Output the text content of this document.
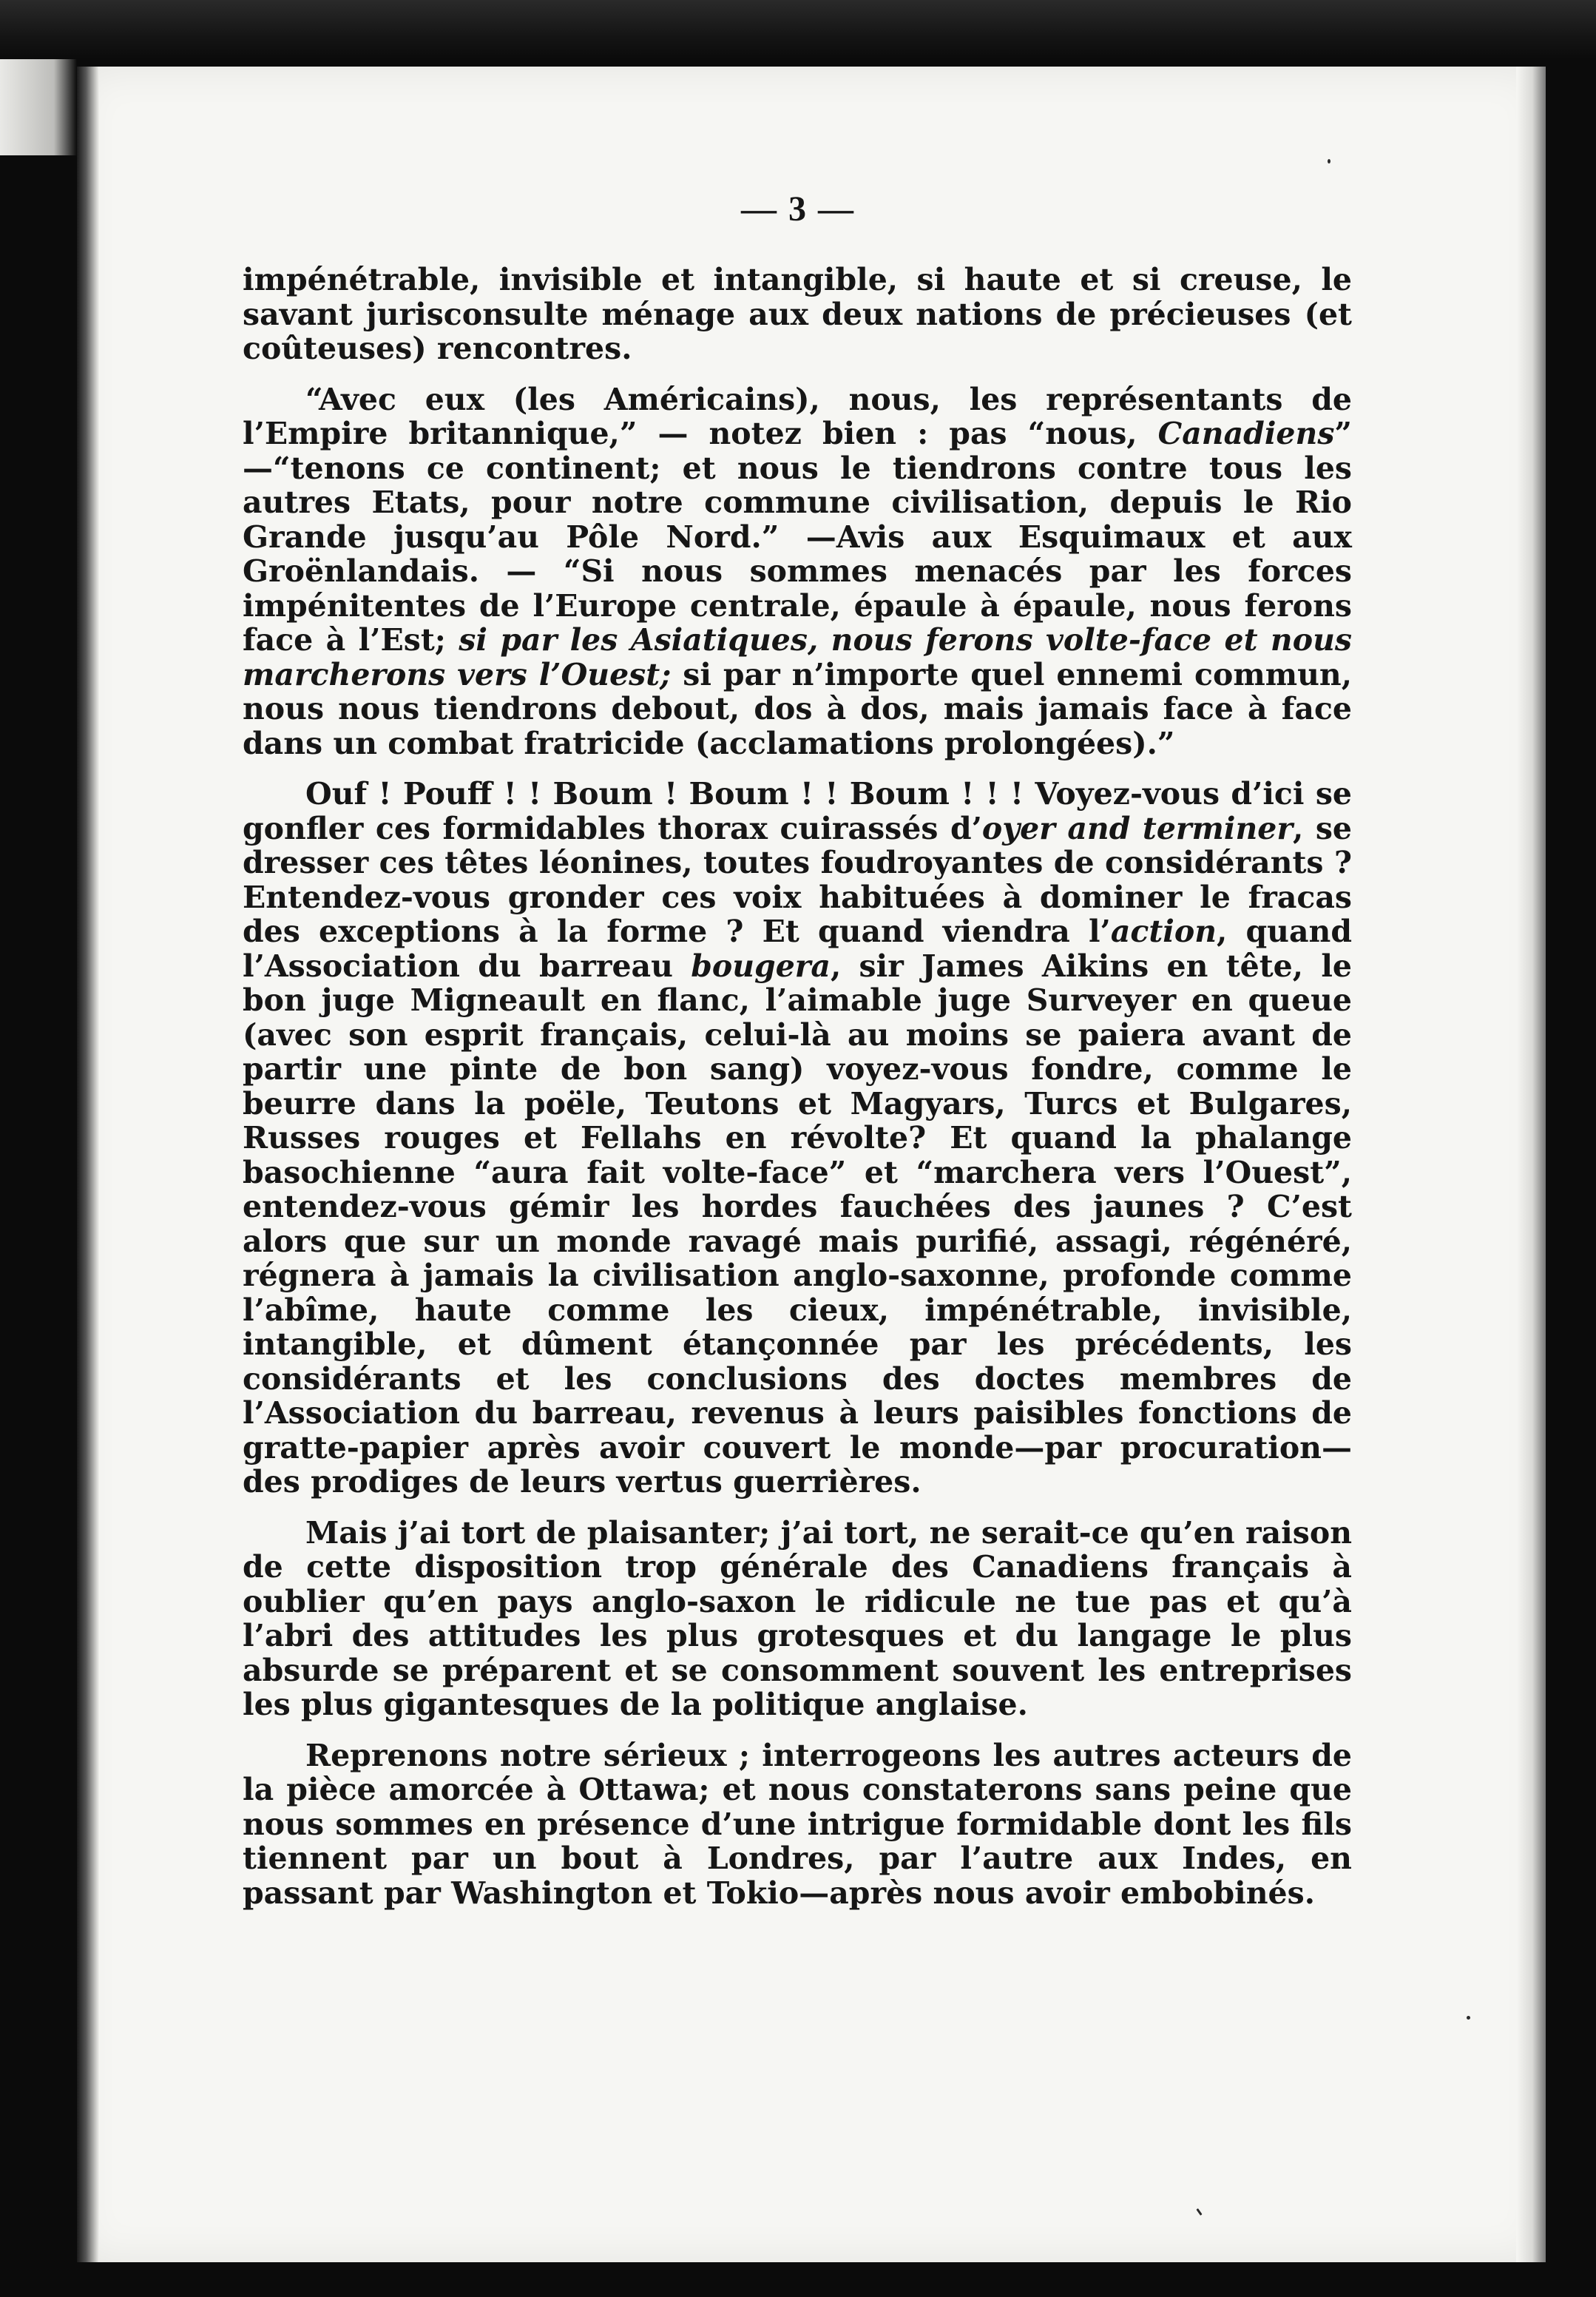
— 3 —

impénétrable, invisible et intangible, si haute et si creuse, le savant jurisconsulte ménage aux deux nations de précieuses (et coûteuses) rencontres.

“Avec eux (les Américains), nous, les représentants de l’Empire britannique,” — notez bien : pas “nous, Canadiens” —“tenons ce continent; et nous le tiendrons contre tous les autres Etats, pour notre commune civilisation, depuis le Rio Grande jusqu’au Pôle Nord.” —Avis aux Esquimaux et aux Groënlandais. — “Si nous sommes menacés par les forces impénitentes de l’Europe centrale, épaule à épaule, nous ferons face à l’Est; si par les Asiatiques, nous ferons volte-face et nous marcherons vers l’Ouest; si par n’importe quel ennemi commun, nous nous tiendrons debout, dos à dos, mais jamais face à face dans un combat fratricide (acclamations prolongées).”

Ouf ! Pouff ! ! Boum ! Boum ! ! Boum ! ! ! Voyez-vous d’ici se gonfler ces formidables thorax cuirassés d’oyer and terminer, se dresser ces têtes léonines, toutes foudroyantes de considérants ? Entendez-vous gronder ces voix habituées à dominer le fracas des exceptions à la forme ? Et quand viendra l’action, quand l’Association du barreau bougera, sir James Aikins en tête, le bon juge Migneault en flanc, l’aimable juge Surveyer en queue (avec son esprit français, celui-là au moins se paiera avant de partir une pinte de bon sang) voyez-vous fondre, comme le beurre dans la poële, Teutons et Magyars, Turcs et Bulgares, Russes rouges et Fellahs en révolte? Et quand la phalange basochienne “aura fait volte-face” et “marchera vers l’Ouest”, entendez-vous gémir les hordes fauchées des jaunes ? C’est alors que sur un monde ravagé mais purifié, assagi, régénéré, régnera à jamais la civilisation anglo-saxonne, profonde comme l’abîme, haute comme les cieux, impénétrable, invisible, intangible, et dûment étançonnée par les précédents, les considérants et les conclusions des doctes membres de l’Association du barreau, revenus à leurs paisibles fonctions de gratte-papier après avoir couvert le monde—par procuration—des prodiges de leurs vertus guerrières.

Mais j’ai tort de plaisanter; j’ai tort, ne serait-ce qu’en raison de cette disposition trop générale des Canadiens français à oublier qu’en pays anglo-saxon le ridicule ne tue pas et qu’à l’abri des attitudes les plus grotesques et du langage le plus absurde se préparent et se consomment souvent les entreprises les plus gigantesques de la politique anglaise.

Reprenons notre sérieux ; interrogeons les autres acteurs de la pièce amorcée à Ottawa; et nous constaterons sans peine que nous sommes en présence d’une intrigue formidable dont les fils tiennent par un bout à Londres, par l’autre aux Indes, en passant par Washington et Tokio—après nous avoir embobinés.
